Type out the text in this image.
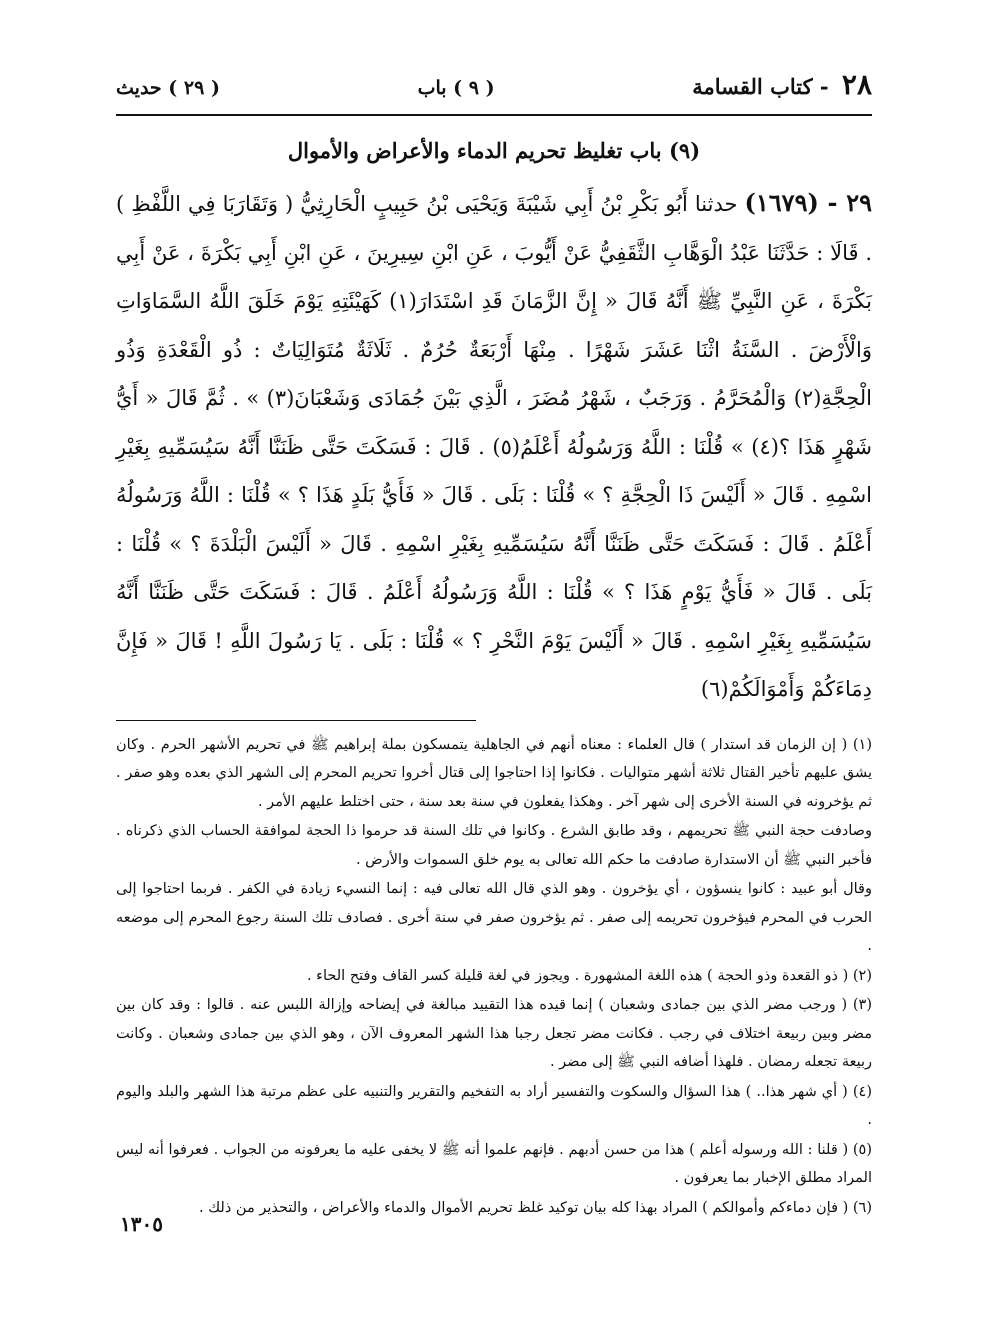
٢٨ - كتاب القسامة
( ٩ ) باب
( ٢٩ ) حديث
(٩) باب تغليظ تحريم الدماء والأعراض والأموال
٢٩ - (١٦٧٩) حدثنا أَبُو بَكْرِ بْنُ أَبِي شَيْبَةَ وَيَحْيَى بْنُ حَبِيبٍ الْحَارِثِيُّ ( وَتَقَارَبَا فِي اللَّفْظِ ) . قَالَا : حَدَّثَنَا عَبْدُ الْوَهَّابِ الثَّقَفِيُّ عَنْ أَيُّوبَ ، عَنِ ابْنِ سِيرِينَ ، عَنِ ابْنِ أَبِي بَكْرَةَ ، عَنْ أَبِي بَكْرَةَ ، عَنِ النَّبِيِّ ﷺ أَنَّهُ قَالَ « إِنَّ الزَّمَانَ قَدِ اسْتَدَارَ(١) كَهَيْئَتِهِ يَوْمَ خَلَقَ اللَّهُ السَّمَاوَاتِ وَالْأَرْضَ . السَّنَةُ اثْنَا عَشَرَ شَهْرًا . مِنْهَا أَرْبَعَةٌ حُرُمٌ . ثَلَاثَةٌ مُتَوَالِيَاتٌ : ذُو الْقَعْدَةِ وَذُو الْحِجَّةِ(٢) وَالْمُحَرَّمُ . وَرَجَبٌ ، شَهْرُ مُضَرَ ، الَّذِي بَيْنَ جُمَادَى وَشَعْبَانَ(٣) » . ثُمَّ قَالَ « أَيُّ شَهْرٍ هَذَا ؟(٤) » قُلْنَا : اللَّهُ وَرَسُولُهُ أَعْلَمُ(٥) . قَالَ : فَسَكَتَ حَتَّى ظَنَنَّا أَنَّهُ سَيُسَمِّيهِ بِغَيْرِ اسْمِهِ . قَالَ « أَلَيْسَ ذَا الْحِجَّةِ ؟ » قُلْنَا : بَلَى . قَالَ « فَأَيُّ بَلَدٍ هَذَا ؟ » قُلْنَا : اللَّهُ وَرَسُولُهُ أَعْلَمُ . قَالَ : فَسَكَتَ حَتَّى ظَنَنَّا أَنَّهُ سَيُسَمِّيهِ بِغَيْرِ اسْمِهِ . قَالَ « أَلَيْسَ الْبَلْدَةَ ؟ » قُلْنَا : بَلَى . قَالَ « فَأَيُّ يَوْمٍ هَذَا ؟ » قُلْنَا : اللَّهُ وَرَسُولُهُ أَعْلَمُ . قَالَ : فَسَكَتَ حَتَّى ظَنَنَّا أَنَّهُ سَيُسَمِّيهِ بِغَيْرِ اسْمِهِ . قَالَ « أَلَيْسَ يَوْمَ النَّحْرِ ؟ » قُلْنَا : بَلَى . يَا رَسُولَ اللَّهِ ! قَالَ « فَإِنَّ دِمَاءَكُمْ وَأَمْوَالَكُمْ(٦)

(١) ( إن الزمان قد استدار ) قال العلماء : معناه أنهم في الجاهلية يتمسكون بملة إبراهيم ﷺ في تحريم الأشهر الحرم . وكان يشق عليهم تأخير القتال ثلاثة أشهر متواليات . فكانوا إذا احتاجوا إلى قتال أخروا تحريم المحرم إلى الشهر الذي بعده وهو صفر . ثم يؤخرونه في السنة الأخرى إلى شهر آخر . وهكذا يفعلون في سنة بعد سنة ، حتى اختلط عليهم الأمر .

وصادفت حجة النبي ﷺ تحريمهم ، وقد طابق الشرع . وكانوا في تلك السنة قد حرموا ذا الحجة لموافقة الحساب الذي ذكرناه . فأخبر النبي ﷺ أن الاستدارة صادفت ما حكم الله تعالى به يوم خلق السموات والأرض .

وقال أبو عبيد : كانوا ينسؤون ، أي يؤخرون . وهو الذي قال الله تعالى فيه : إنما النسيء زيادة في الكفر . فربما احتاجوا إلى الحرب في المحرم فيؤخرون تحريمه إلى صفر . ثم يؤخرون صفر في سنة أخرى . فصادف تلك السنة رجوع المحرم إلى موضعه .

(٢) ( ذو القعدة وذو الحجة ) هذه اللغة المشهورة . ويجوز في لغة قليلة كسر القاف وفتح الحاء .

(٣) ( ورجب مضر الذي بين جمادى وشعبان ) إنما قيده هذا التقييد مبالغة في إيضاحه وإزالة اللبس عنه . قالوا : وقد كان بين مضر وبين ربيعة اختلاف في رجب . فكانت مضر تجعل رجبا هذا الشهر المعروف الآن ، وهو الذي بين جمادى وشعبان . وكانت ربيعة تجعله رمضان . فلهذا أضافه النبي ﷺ إلى مضر .

(٤) ( أي شهر هذا.. ) هذا السؤال والسكوت والتفسير أراد به التفخيم والتقرير والتنبيه على عظم مرتبة هذا الشهر والبلد واليوم .

(٥) ( قلنا : الله ورسوله أعلم ) هذا من حسن أدبهم . فإنهم علموا أنه ﷺ لا يخفى عليه ما يعرفونه من الجواب . فعرفوا أنه ليس المراد مطلق الإخبار بما يعرفون .

(٦) ( فإن دماءكم وأموالكم ) المراد بهذا كله بيان توكيد غلظ تحريم الأموال والدماء والأعراض ، والتحذير من ذلك .

١٣٠٥
